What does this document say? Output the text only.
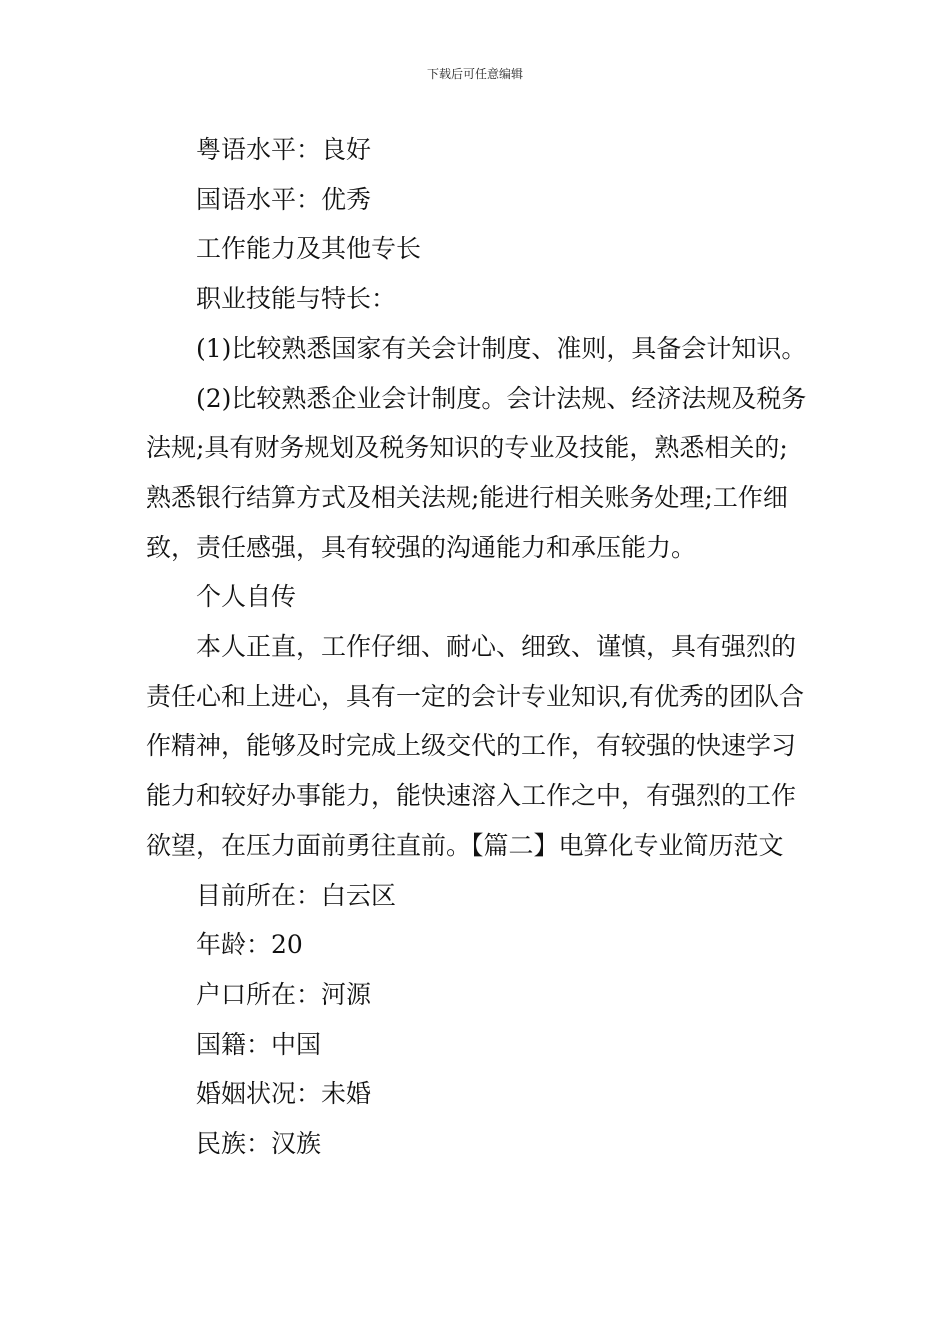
下载后可任意编辑

粤语水平：良好

国语水平：优秀

工作能力及其他专长

职业技能与特长：

(1)比较熟悉国家有关会计制度、准则，具备会计知识。

(2)比较熟悉企业会计制度。会计法规、经济法规及税务法规;具有财务规划及税务知识的专业及技能，熟悉相关的;熟悉银行结算方式及相关法规;能进行相关账务处理;工作细致，责任感强，具有较强的沟通能力和承压能力。

个人自传

本人正直，工作仔细、耐心、细致、谨慎，具有强烈的责任心和上进心，具有一定的会计专业知识,有优秀的团队合作精神，能够及时完成上级交代的工作，有较强的快速学习能力和较好办事能力，能快速溶入工作之中，有强烈的工作欲望，在压力面前勇往直前。【篇二】电算化专业简历范文

目前所在：白云区

年龄：20

户口所在：河源

国籍：中国

婚姻状况：未婚

民族：汉族
